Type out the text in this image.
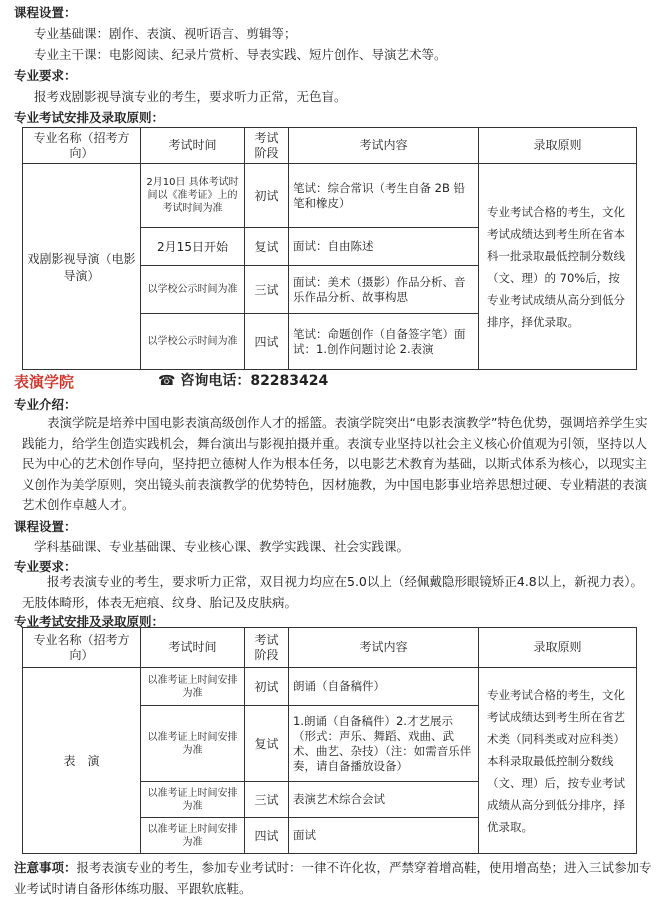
课程设置：
专业基础课：剧作、表演、视听语言、剪辑等；
专业主干课：电影阅读、纪录片赏析、导表实践、短片创作、导演艺术等。
专业要求：
报考戏剧影视导演专业的考生，要求听力正常，无色盲。
专业考试安排及录取原则：
专业名称（招考方向）	考试时间	考试阶段	考试内容	录取原则
戏剧影视导演（电影导演）	2月10日 具体考试时间以《准考证》上的考试时间为准	初试	笔试：综合常识（考生自备 2B 铅笔和橡皮）	专业考试合格的考生，文化考试成绩达到考生所在省本科一批录取最低控制分数线（文、理）的 70%后，按专业考试成绩从高分到低分排序，择优录取。
	2月15日开始	复试	面试：自由陈述	
	以学校公示时间为准	三试	面试：美术（摄影）作品分析、音乐作品分析、故事构思	
	以学校公示时间为准	四试	笔试：命题创作（自备签字笔）面试：1.创作问题讨论 2.表演	
表演学院	☎ 咨询电话：82283424
专业介绍：
表演学院是培养中国电影表演高级创作人才的摇篮。表演学院突出“电影表演教学”特色优势，强调培养学生实践能力，给学生创造实践机会，舞台演出与影视拍摄并重。表演专业坚持以社会主义核心价值观为引领，坚持以人民为中心的艺术创作导向，坚持把立德树人作为根本任务，以电影艺术教育为基础，以斯式体系为核心，以现实主义创作为美学原则，突出镜头前表演教学的优势特色，因材施教，为中国电影事业培养思想过硬、专业精湛的表演艺术创作卓越人才。
课程设置：
学科基础课、专业基础课、专业核心课、教学实践课、社会实践课。
专业要求：
报考表演专业的考生，要求听力正常，双目视力均应在5.0以上（经佩戴隐形眼镜矫正4.8以上，新视力表）。无肢体畸形，体表无疤痕、纹身、胎记及皮肤病。
专业考试安排及录取原则：
专业名称（招考方向）	考试时间	考试阶段	考试内容	录取原则
表　演	以准考证上时间安排为准	初试	朗诵（自备稿件）	专业考试合格的考生，文化考试成绩达到考生所在省艺术类（同科类或对应科类）本科录取最低控制分数线（文、理）后，按专业考试成绩从高分到低分排序，择优录取。
	以准考证上时间安排为准	复试	1.朗诵（自备稿件）2.才艺展示（形式：声乐、舞蹈、戏曲、武术、曲艺、杂技）（注：如需音乐伴奏，请自备播放设备）	
	以准考证上时间安排为准	三试	表演艺术综合会试	
	以准考证上时间安排为准	四试	面试	
注意事项：报考表演专业的考生，参加专业考试时：一律不许化妆，严禁穿着增高鞋，使用增高垫；进入三试参加专业考试时请自备形体练功服、平跟软底鞋。
